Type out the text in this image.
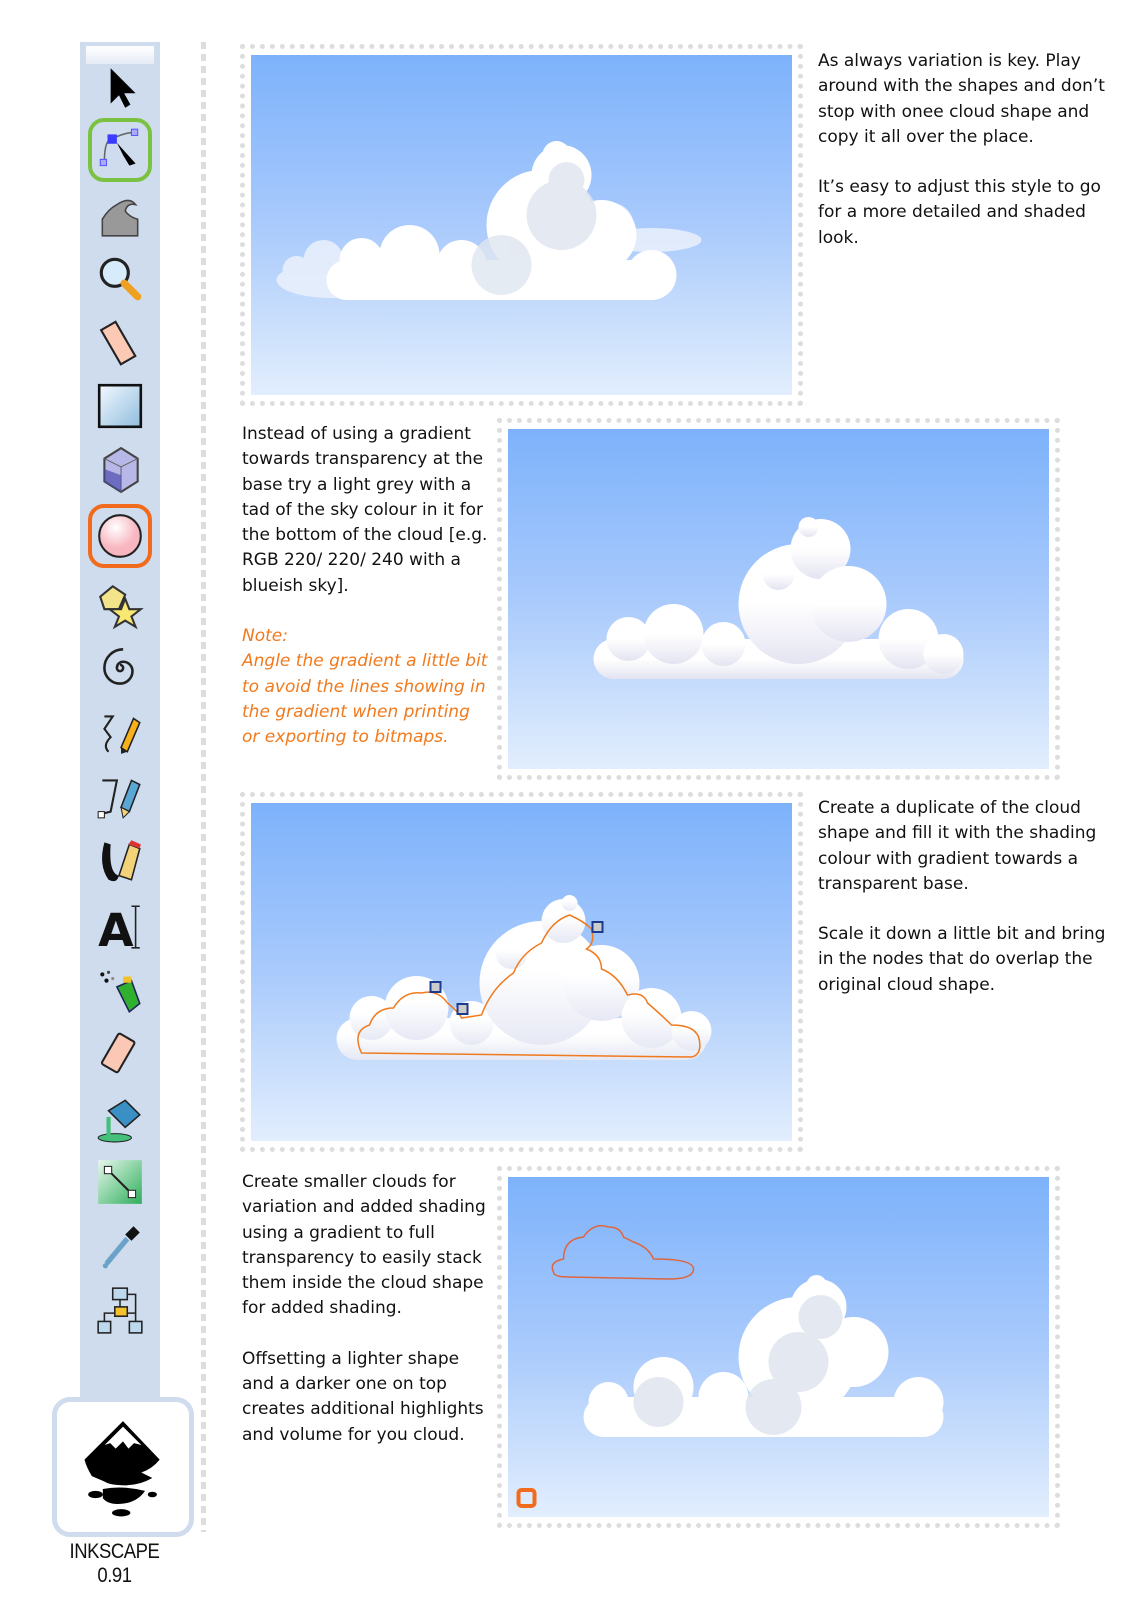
A
INKSCAPE 0.91

As always variation is key. Play around with the shapes and don’t stop with onee cloud shape and copy it all over the place.

It’s easy to adjust this style to go for a more detailed and shaded look.

Instead of using a gradient towards transparency at the base try a light grey with a tad of the sky colour in it for the bottom of the cloud [e.g. RGB 220/ 220/ 240 with a blueish sky].

Note:
Angle the gradient a little bit to avoid the lines showing in the gradient when printing or exporting to bitmaps.

Create a duplicate of the cloud shape and fill it with the shading colour with gradient towards a transparent base.

Scale it down a little bit and bring in the nodes that do overlap the original cloud shape.

Create smaller clouds for variation and added shading using a gradient to full transparency to easily stack them inside the cloud shape for added shading.

Offsetting a lighter shape and a darker one on top creates additional highlights and volume for you cloud.
